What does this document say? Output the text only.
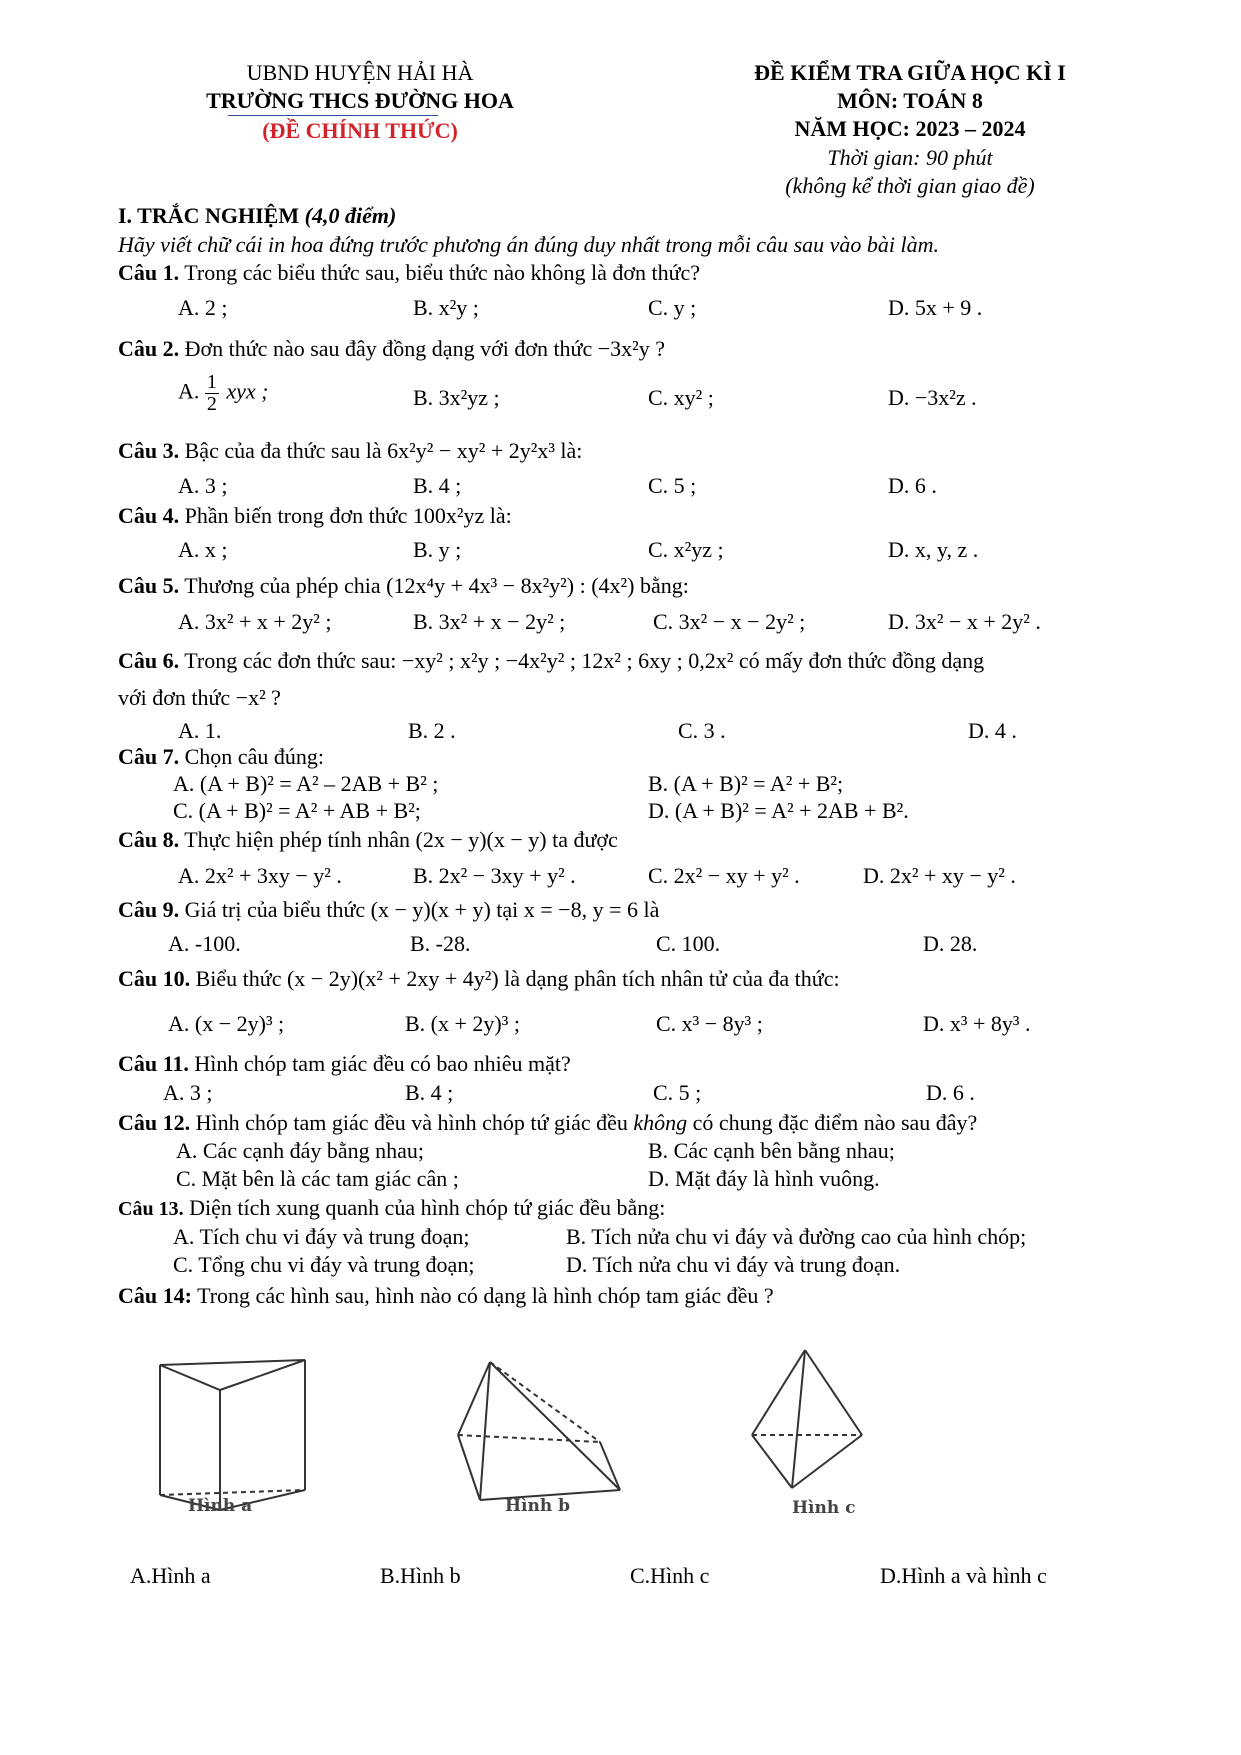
UBND HUYỆN HẢI HÀ
TRƯỜNG THCS ĐƯỜNG HOA
(ĐỀ CHÍNH THỨC)
ĐỀ KIỂM TRA GIỮA HỌC KÌ I
MÔN: TOÁN 8
NĂM HỌC: 2023 – 2024
Thời gian: 90 phút
(không kể thời gian giao đề)
I. TRẮC NGHIỆM (4,0 điểm)
Hãy viết chữ cái in hoa đứng trước phương án đúng duy nhất trong mỗi câu sau vào bài làm.
Câu 1. Trong các biểu thức sau, biểu thức nào không là đơn thức?
A. 2 ;	B. x²y ;	C. y ;	D. 5x + 9 .
Câu 2. Đơn thức nào sau đây đồng dạng với đơn thức −3x²y ?
A. $\frac{1}{2}$ xyx ;	B. 3x²yz ;	C. xy² ;	D. −3x²z .
Câu 3. Bậc của đa thức sau là 6x²y² − xy² + 2y²x³ là:
A. 3 ;	B. 4 ;	C. 5 ;	D. 6 .
Câu 4. Phần biến trong đơn thức 100x²yz là:
A. x ;	B. y ;	C. x²yz ;	D. x, y, z .
Câu 5. Thương của phép chia (12x⁴y + 4x³ − 8x²y²) : (4x²) bằng:
A. 3x² + x + 2y² ;	B. 3x² + x − 2y² ;	C. 3x² − x − 2y² ;	D. 3x² − x + 2y² .
Câu 6. Trong các đơn thức sau: −xy² ; x²y ; −4x²y² ; 12x² ; 6xy ; 0,2x² có mấy đơn thức đồng dạng
với đơn thức −x² ?
A. 1.	B. 2 .	C. 3 .	D. 4 .
Câu 7. Chọn câu đúng:
A. (A + B)² = A² – 2AB + B² ;	B. (A + B)² = A² + B²;
C. (A + B)² = A² + AB + B²;	D. (A + B)² = A² + 2AB + B².
Câu 8. Thực hiện phép tính nhân (2x − y)(x − y) ta được
A. 2x² + 3xy − y² .	B. 2x² − 3xy + y² .	C. 2x² − xy + y² .	D. 2x² + xy − y² .
Câu 9. Giá trị của biểu thức (x − y)(x + y) tại x = −8, y = 6 là
A. -100.	B. -28.	C. 100.	D. 28.
Câu 10. Biểu thức (x − 2y)(x² + 2xy + 4y²) là dạng phân tích nhân tử của đa thức:
A. (x − 2y)³ ;	B. (x + 2y)³ ;	C. x³ − 8y³ ;	D. x³ + 8y³ .
Câu 11. Hình chóp tam giác đều có bao nhiêu mặt?
A. 3 ;	B. 4 ;	C. 5 ;	D. 6 .
Câu 12. Hình chóp tam giác đều và hình chóp tứ giác đều không có chung đặc điểm nào sau đây?
A. Các cạnh đáy bằng nhau;	B. Các cạnh bên bằng nhau;
C. Mặt bên là các tam giác cân ;	D. Mặt đáy là hình vuông.
Câu 13. Diện tích xung quanh của hình chóp tứ giác đều bằng:
A. Tích chu vi đáy và trung đoạn;	B. Tích nửa chu vi đáy và đường cao của hình chóp;
C. Tổng chu vi đáy và trung đoạn;	D. Tích nửa chu vi đáy và trung đoạn.
Câu 14: Trong các hình sau, hình nào có dạng là hình chóp tam giác đều ?
Hình a	Hình b	Hình c
A.Hình a	B.Hình b	C.Hình c	D.Hình a và hình c
